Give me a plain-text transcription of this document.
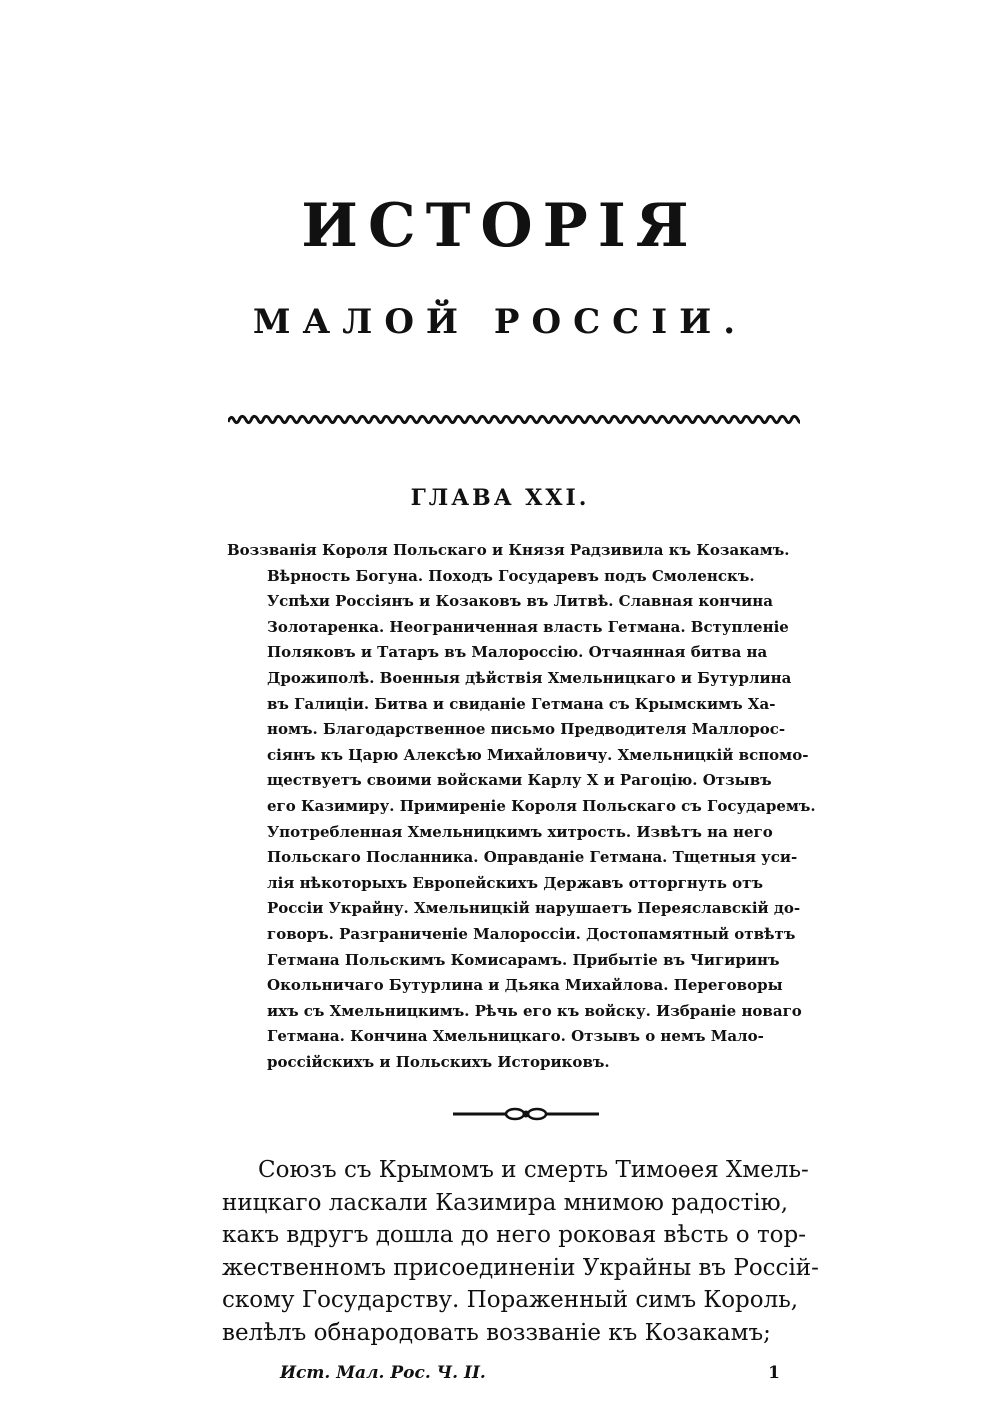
ИСТОРІЯ
МАЛОЙ РОССІИ.
ГЛАВА XXI.
Воззванія Короля Польскаго и Князя Радзивила къ Козакамъ.
Вѣрность Богуна. Походъ Государевъ подъ Смоленскъ.
Успѣхи Россіянъ и Козаковъ въ Литвѣ. Славная кончина
Золотаренка. Неограниченная власть Гетмана. Вступленіе
Поляковъ и Татаръ въ Малороссію. Отчаянная битва на
Дрожиполѣ. Военныя дѣйствія Хмельницкаго и Бутурлина
въ Галиціи. Битва и свиданіе Гетмана съ Крымскимъ Ха-
номъ. Благодарственное письмо Предводителя Маллорос-
сіянъ къ Царю Алексѣю Михайловичу. Хмельницкій вспомо-
ществуетъ своими войсками Карлу X и Рагоцію. Отзывъ
его Казимиру. Примиреніе Короля Польскаго съ Государемъ.
Употребленная Хмельницкимъ хитрость. Извѣтъ на него
Польскаго Посланника. Оправданіе Гетмана. Тщетныя уси-
лія нѣкоторыхъ Европейскихъ Державъ отторгнуть отъ
Россіи Украйну. Хмельницкій нарушаетъ Переяславскій до-
говоръ. Разграниченіе Малороссіи. Достопамятный отвѣтъ
Гетмана Польскимъ Комисарамъ. Прибытіе въ Чигиринъ
Окольничаго Бутурлина и Дьяка Михайлова. Переговоры
ихъ съ Хмельницкимъ. Рѣчь его къ войску. Избраніе новаго
Гетмана. Кончина Хмельницкаго. Отзывъ о немъ Мало-
россійскихъ и Польскихъ Историковъ.
Союзъ съ Крымомъ и смерть Тимоѳея Хмель-
ницкаго ласкали Казимира мнимою радостію,
какъ вдругъ дошла до него роковая вѣсть о тор-
жественномъ присоединеніи Украйны въ Россій-
скому Государству. Пораженный симъ Король,
велѣлъ обнародовать воззваніе къ Козакамъ;
Ист. Мал. Рос. Ч. II.	1
